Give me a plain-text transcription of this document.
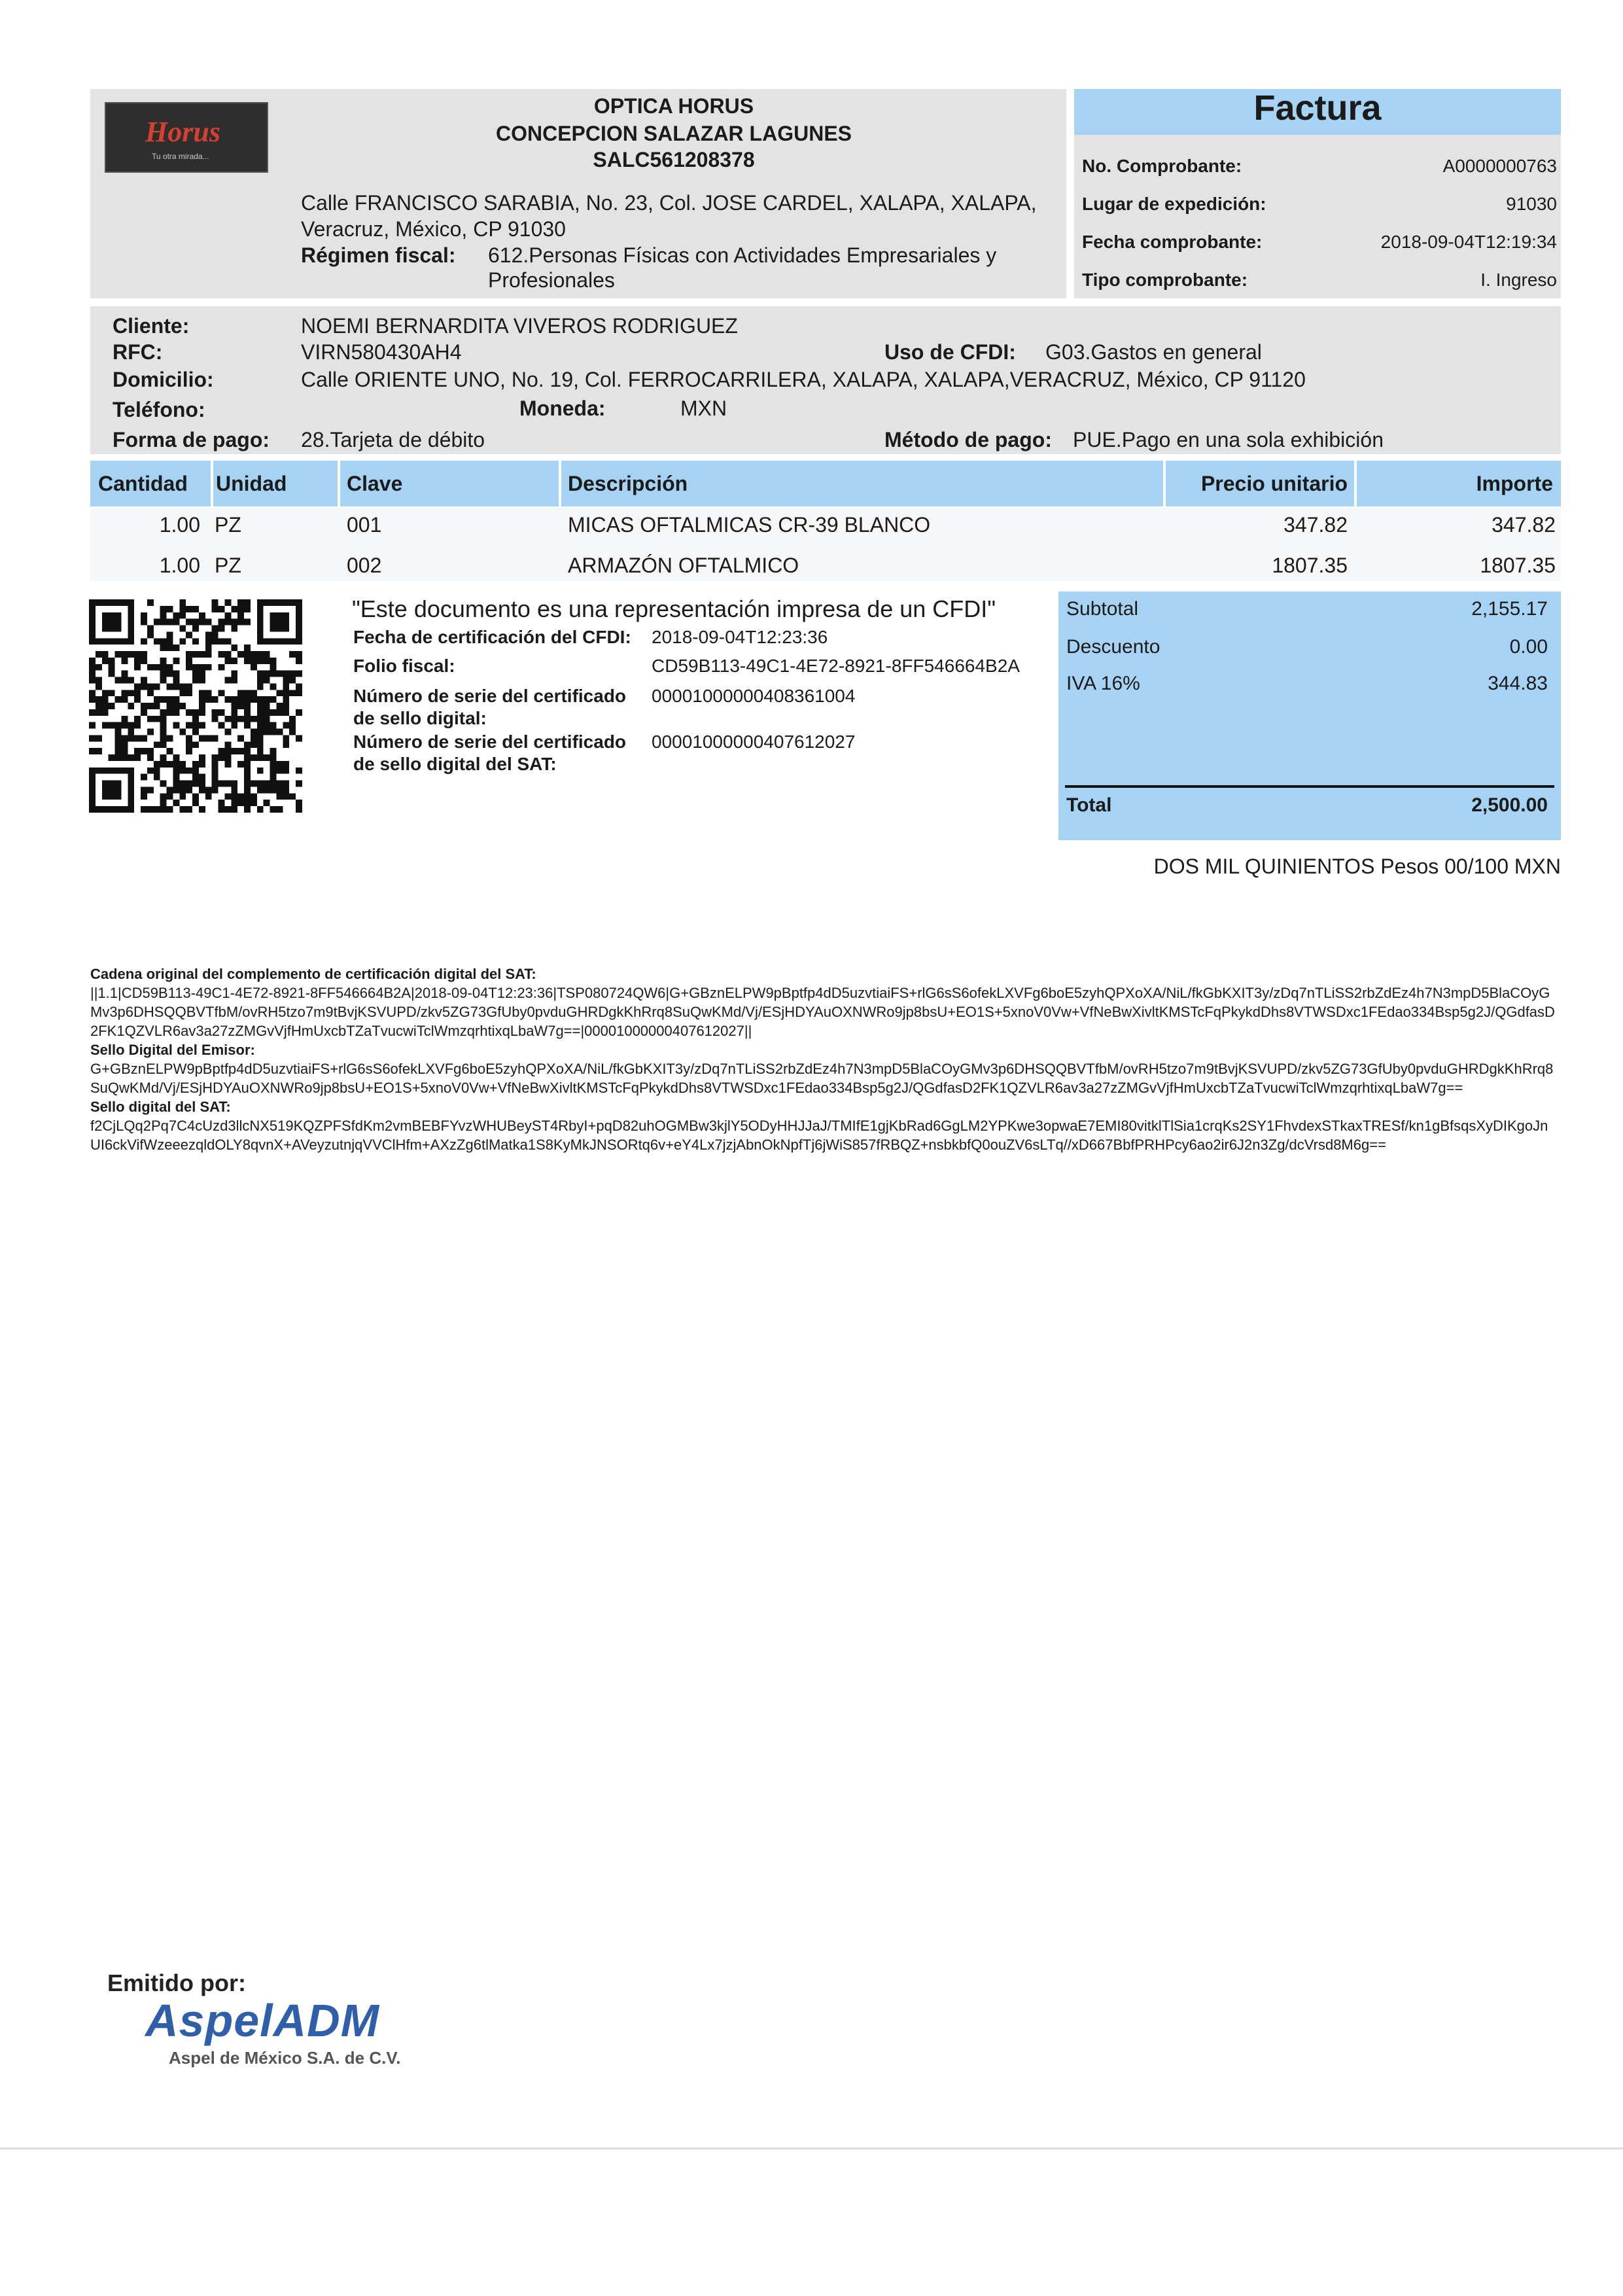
Horus
Tu otra mirada...
OPTICA HORUS
CONCEPCION SALAZAR LAGUNES
SALC561208378
Calle FRANCISCO SARABIA, No. 23, Col. JOSE CARDEL, XALAPA, XALAPA,
Veracruz, México, CP 91030
Régimen fiscal: 612.Personas Físicas con Actividades Empresariales y
Profesionales
Factura
No. Comprobante:	A0000000763
Lugar de expedición:	91030
Fecha comprobante:	2018-09-04T12:19:34
Tipo comprobante:	I. Ingreso
Cliente:	NOEMI BERNARDITA VIVEROS RODRIGUEZ
RFC:	VIRN580430AH4	Uso de CFDI: G03.Gastos en general
Domicilio:	Calle ORIENTE UNO, No. 19, Col. FERROCARRILERA, XALAPA, XALAPA,VERACRUZ, México, CP 91120
Teléfono:	Moneda:	MXN
Forma de pago: 28.Tarjeta de débito	Método de pago: PUE.Pago en una sola exhibición
Cantidad Unidad	Clave	Descripción	Precio unitario	Importe
1.00 PZ	001	MICAS OFTALMICAS CR-39 BLANCO	347.82	347.82
1.00 PZ	002	ARMAZÓN OFTALMICO	1807.35	1807.35
"Este documento es una representación impresa de un CFDI"
Fecha de certificación del CFDI: 2018-09-04T12:23:36
Folio fiscal:	CD59B113-49C1-4E72-8921-8FF546664B2A
Número de serie del certificado
de sello digital:
00001000000408361004
Número de serie del certificado
de sello digital del SAT:
00001000000407612027
Subtotal	2,155.17
Descuento	0.00
IVA 16%	344.83
Total	2,500.00
DOS MIL QUINIENTOS Pesos 00/100 MXN
Cadena original del complemento de certificación digital del SAT:
||1.1|CD59B113-49C1-4E72-8921-8FF546664B2A|2018-09-04T12:23:36|TSP080724QW6|G+GBznELPW9pBptfp4dD5uzvtiaiFS+rlG6sS6ofekLXVFg6boE5zyhQPXoXA/NiL/fkGbKXIT3y/zDq7nTLiSS2rbZdEz4h7N3mpD5BlaCOyGMv3p6DHSQQBVTfbM/ovRH5tzo7m9tBvjKSVUPD/zkv5ZG73GfUby0pvduGHRDgkKhRrq8SuQwKMd/Vj/ESjHDYAuOXNWRo9jp8bsU+EO1S+5xnoV0Vw+VfNeBwXivltKMSTcFqPkykdDhs8VTWSDxc1FEdao334Bsp5g2J/QGdfasD2FK1QZVLR6av3a27zZMGvVjfHmUxcbTZaTvucwiTclWmzqrhtixqLbaW7g==|00001000000407612027||
Sello Digital del Emisor:
G+GBznELPW9pBptfp4dD5uzvtiaiFS+rlG6sS6ofekLXVFg6boE5zyhQPXoXA/NiL/fkGbKXIT3y/zDq7nTLiSS2rbZdEz4h7N3mpD5BlaCOyGMv3p6DHSQQBVTfbM/ovRH5tzo7m9tBvjKSVUPD/zkv5ZG73GfUby0pvduGHRDgkKhRrq8SuQwKMd/Vj/ESjHDYAuOXNWRo9jp8bsU+EO1S+5xnoV0Vw+VfNeBwXivltKMSTcFqPkykdDhs8VTWSDxc1FEdao334Bsp5g2J/QGdfasD2FK1QZVLR6av3a27zZMGvVjfHmUxcbTZaTvucwiTclWmzqrhtixqLbaW7g==
Sello digital del SAT:
f2CjLQq2Pq7C4cUzd3llcNX519KQZPFSfdKm2vmBEBFYvzWHUBeyST4RbyI+pqD82uhOGMBw3kjlY5ODyHHJJaJ/TMIfE1gjKbRad6GgLM2YPKwe3opwaE7EMI80vitklTlSia1crqKs2SY1FhvdexSTkaxTRESf/kn1gBfsqsXyDIKgoJnUI6ckVifWzeeezqldOLY8qvnX+AVeyzutnjqVVClHfm+AXzZg6tlMatka1S8KyMkJNSORtq6v+eY4Lx7jzjAbnOkNpfTj6jWiS857fRBQZ+nsbkbfQ0ouZV6sLTq//xD667BbfPRHPcy6ao2ir6J2n3Zg/dcVrsd8M6g==
Emitido por:
AspelADM
Aspel de México S.A. de C.V.
